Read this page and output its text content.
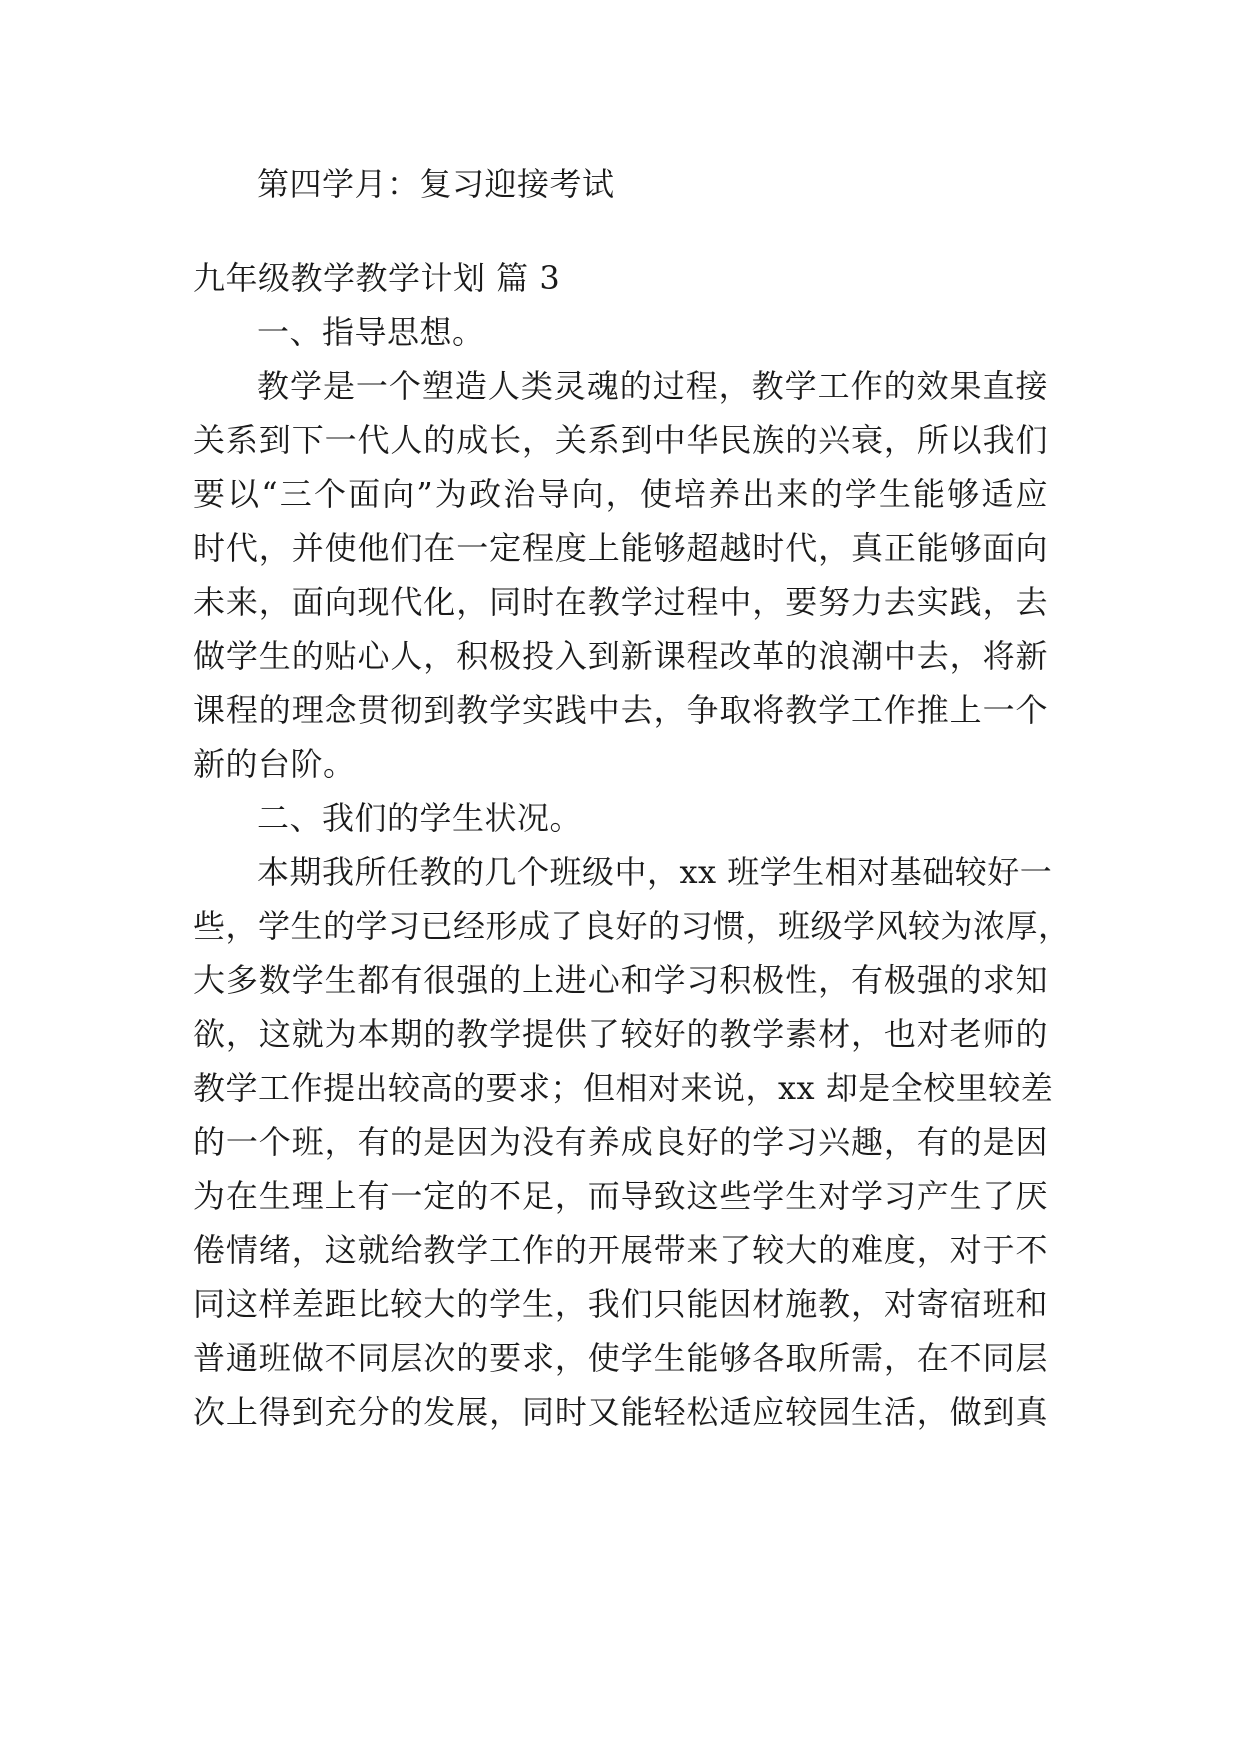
第四学月：复习迎接考试
九年级教学教学计划 篇 3
一、指导思想。
教学是一个塑造人类灵魂的过程，教学工作的效果直接
关系到下一代人的成长，关系到中华民族的兴衰，所以我们
要以“三个面向”为政治导向，使培养出来的学生能够适应
时代，并使他们在一定程度上能够超越时代，真正能够面向
未来，面向现代化，同时在教学过程中，要努力去实践，去
做学生的贴心人，积极投入到新课程改革的浪潮中去，将新
课程的理念贯彻到教学实践中去，争取将教学工作推上一个
新的台阶。
二、我们的学生状况。
本期我所任教的几个班级中，xx 班学生相对基础较好一
些，学生的学习已经形成了良好的习惯，班级学风较为浓厚，
大多数学生都有很强的上进心和学习积极性，有极强的求知
欲，这就为本期的教学提供了较好的教学素材，也对老师的
教学工作提出较高的要求；但相对来说，xx 却是全校里较差
的一个班，有的是因为没有养成良好的学习兴趣，有的是因
为在生理上有一定的不足，而导致这些学生对学习产生了厌
倦情绪，这就给教学工作的开展带来了较大的难度，对于不
同这样差距比较大的学生，我们只能因材施教，对寄宿班和
普通班做不同层次的要求，使学生能够各取所需，在不同层
次上得到充分的发展，同时又能轻松适应较园生活，做到真
